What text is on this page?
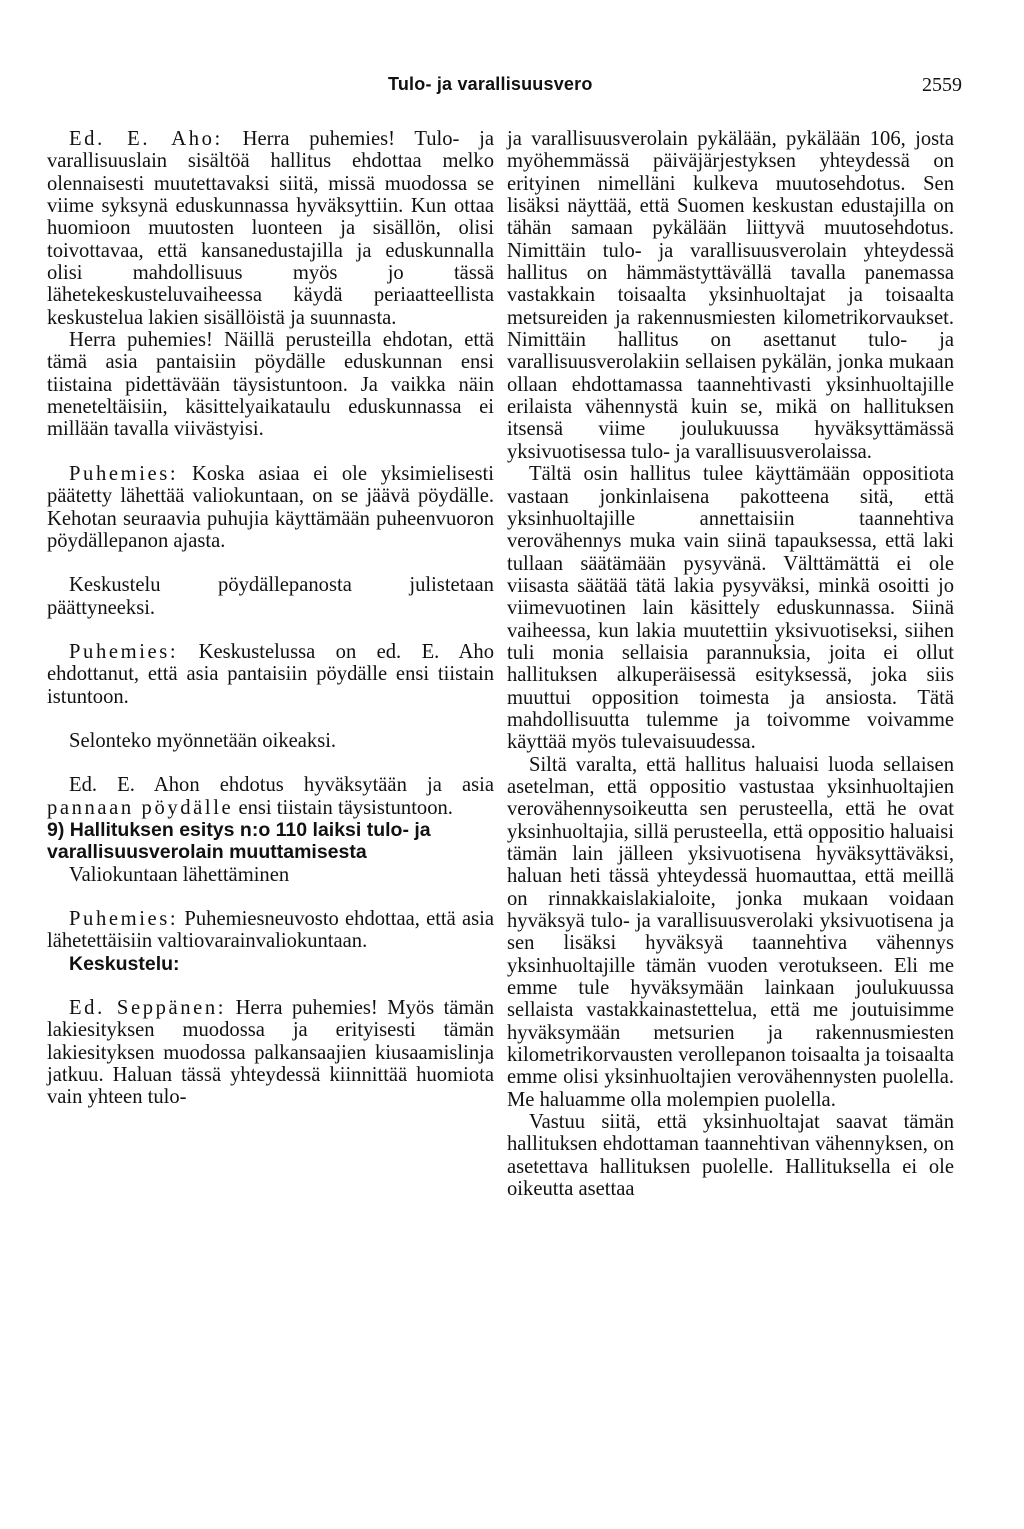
Tulo- ja varallisuusvero	2559

Ed. E. Aho: Herra puhemies! Tulo- ja varallisuuslain sisältöä hallitus ehdottaa melko olennaisesti muutettavaksi siitä, missä muodossa se viime syksynä eduskunnassa hyväksyttiin. Kun ottaa huomioon muutosten luonteen ja sisällön, olisi toivottavaa, että kansanedustajilla ja eduskunnalla olisi mahdollisuus myös jo tässä lähetekeskusteluvaiheessa käydä periaatteellista keskustelua lakien sisällöistä ja suunnasta.

Herra puhemies! Näillä perusteilla ehdotan, että tämä asia pantaisiin pöydälle eduskunnan ensi tiistaina pidettävään täysistuntoon. Ja vaikka näin meneteltäisiin, käsittelyaikataulu eduskunnassa ei millään tavalla viivästyisi.

Puhemies: Koska asiaa ei ole yksimielisesti päätetty lähettää valiokuntaan, on se jäävä pöydälle. Kehotan seuraavia puhujia käyttämään puheenvuoron pöydällepanon ajasta.

Keskustelu	pöydällepanosta	julistetaan
päättyneeksi.

Puhemies: Keskustelussa on ed. E. Aho ehdottanut, että asia pantaisiin pöydälle ensi tiistain istuntoon.

Selonteko myönnetään oikeaksi.

Ed. E. Ahon ehdotus hyväksytään ja asia pannaan pöydälle ensi tiistain täysistuntoon.

9) Hallituksen esitys n:o 110 laiksi tulo- ja varallisuusverolain muuttamisesta

Valiokuntaan lähettäminen

Puhemies: Puhemiesneuvosto ehdottaa, että asia lähetettäisiin valtiovarainvaliokuntaan.

Keskustelu:

Ed. Seppänen: Herra puhemies! Myös tämän lakiesityksen muodossa ja erityisesti tämän lakiesityksen muodossa palkansaajien kiusaamislinja jatkuu. Haluan tässä yhteydessä kiinnittää huomiota vain yhteen tulo-

ja varallisuusverolain pykälään, pykälään 106, josta myöhemmässä päiväjärjestyksen yhteydessä on erityinen nimelläni kulkeva muutosehdotus. Sen lisäksi näyttää, että Suomen keskustan edustajilla on tähän samaan pykälään liittyvä muutosehdotus. Nimittäin tulo- ja varallisuusverolain yhteydessä hallitus on hämmästyttävällä tavalla panemassa vastakkain toisaalta yksinhuoltajat ja toisaalta metsureiden ja rakennusmiesten kilometrikorvaukset. Nimittäin hallitus on asettanut tulo- ja varallisuusverolakiin sellaisen pykälän, jonka mukaan ollaan ehdottamassa taannehtivasti yksinhuoltajille erilaista vähennystä kuin se, mikä on hallituksen itsensä viime joulukuussa hyväksyttämässä yksivuotisessa tulo- ja varallisuusverolaissa.

Tältä osin hallitus tulee käyttämään oppositiota vastaan jonkinlaisena pakotteena sitä, että yksinhuoltajille annettaisiin taannehtiva verovähennys muka vain siinä tapauksessa, että laki tullaan säätämään pysyvänä. Välttämättä ei ole viisasta säätää tätä lakia pysyväksi, minkä osoitti jo viimevuotinen lain käsittely eduskunnassa. Siinä vaiheessa, kun lakia muutettiin yksivuotiseksi, siihen tuli monia sellaisia parannuksia, joita ei ollut hallituksen alkuperäisessä esityksessä, joka siis muuttui opposition toimesta ja ansiosta. Tätä mahdollisuutta tulemme ja toivomme voivamme käyttää myös tulevaisuudessa.

Siltä varalta, että hallitus haluaisi luoda sellaisen asetelman, että oppositio vastustaa yksinhuoltajien verovähennysoikeutta sen perusteella, että he ovat yksinhuoltajia, sillä perusteella, että oppositio haluaisi tämän lain jälleen yksivuotisena hyväksyttäväksi, haluan heti tässä yhteydessä huomauttaa, että meillä on rinnakkaislakialoite, jonka mukaan voidaan hyväksyä tulo- ja varallisuusverolaki yksivuotisena ja sen lisäksi hyväksyä taannehtiva vähennys yksinhuoltajille tämän vuoden verotukseen. Eli me emme tule hyväksymään lainkaan joulukuussa sellaista vastakkainastettelua, että me joutuisimme hyväksymään metsurien ja rakennusmiesten kilometrikorvausten verollepanon toisaalta ja toisaalta emme olisi yksinhuoltajien verovähennysten puolella. Me haluamme olla molempien puolella.

Vastuu siitä, että yksinhuoltajat saavat tämän hallituksen ehdottaman taannehtivan vähennyksen, on asetettava hallituksen puolelle. Hallituksella ei ole oikeutta asettaa
